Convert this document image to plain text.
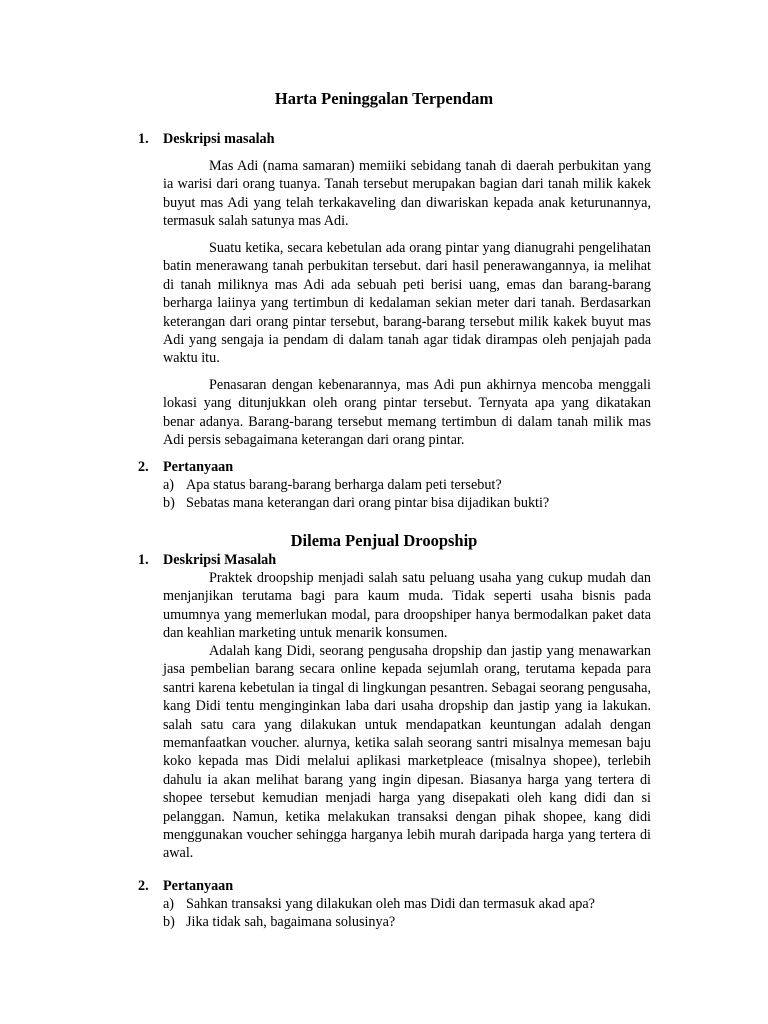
Harta Peninggalan Terpendam
1. Deskripsi masalah

Mas Adi (nama samaran) memiiki sebidang tanah di daerah perbukitan yang ia warisi dari orang tuanya. Tanah tersebut merupakan bagian dari tanah milik kakek buyut mas Adi yang telah terkakaveling dan diwariskan kepada anak keturunannya, termasuk salah satunya mas Adi.

Suatu ketika, secara kebetulan ada orang pintar yang dianugrahi pengelihatan batin menerawang tanah perbukitan tersebut. dari hasil penerawangannya, ia melihat di tanah miliknya mas Adi ada sebuah peti berisi uang, emas dan barang-barang berharga laiinya yang tertimbun di kedalaman sekian meter dari tanah. Berdasarkan keterangan dari orang pintar tersebut, barang-barang tersebut milik kakek buyut mas Adi yang sengaja ia pendam di dalam tanah agar tidak dirampas oleh penjajah pada waktu itu.

Penasaran dengan kebenarannya, mas Adi pun akhirnya mencoba menggali lokasi yang ditunjukkan oleh orang pintar tersebut. Ternyata apa yang dikatakan benar adanya. Barang-barang tersebut memang tertimbun di dalam tanah milik mas Adi persis sebagaimana keterangan dari orang pintar.

2. Pertanyaan
a) Apa status barang-barang berharga dalam peti tersebut?
b) Sebatas mana keterangan dari orang pintar bisa dijadikan bukti?
Dilema Penjual Droopship
1. Deskripsi Masalah

Praktek droopship menjadi salah satu peluang usaha yang cukup mudah dan menjanjikan terutama bagi para kaum muda. Tidak seperti usaha bisnis pada umumnya yang memerlukan modal, para droopshiper hanya bermodalkan paket data dan keahlian marketing untuk menarik konsumen.

Adalah kang Didi, seorang pengusaha dropship dan jastip yang menawarkan jasa pembelian barang secara online kepada sejumlah orang, terutama kepada para santri karena kebetulan ia tingal di lingkungan pesantren. Sebagai seorang pengusaha, kang Didi tentu menginginkan laba dari usaha dropship dan jastip yang ia lakukan. salah satu cara yang dilakukan untuk mendapatkan keuntungan adalah dengan memanfaatkan voucher. alurnya, ketika salah seorang santri misalnya memesan baju koko kepada mas Didi melalui aplikasi marketpleace (misalnya shopee), terlebih dahulu ia akan melihat barang yang ingin dipesan. Biasanya harga yang tertera di shopee tersebut kemudian menjadi harga yang disepakati oleh kang didi dan si pelanggan. Namun, ketika melakukan transaksi dengan pihak shopee, kang didi menggunakan voucher sehingga harganya lebih murah daripada harga yang tertera di awal.

2. Pertanyaan
a) Sahkan transaksi yang dilakukan oleh mas Didi dan termasuk akad apa?
b) Jika tidak sah, bagaimana solusinya?
